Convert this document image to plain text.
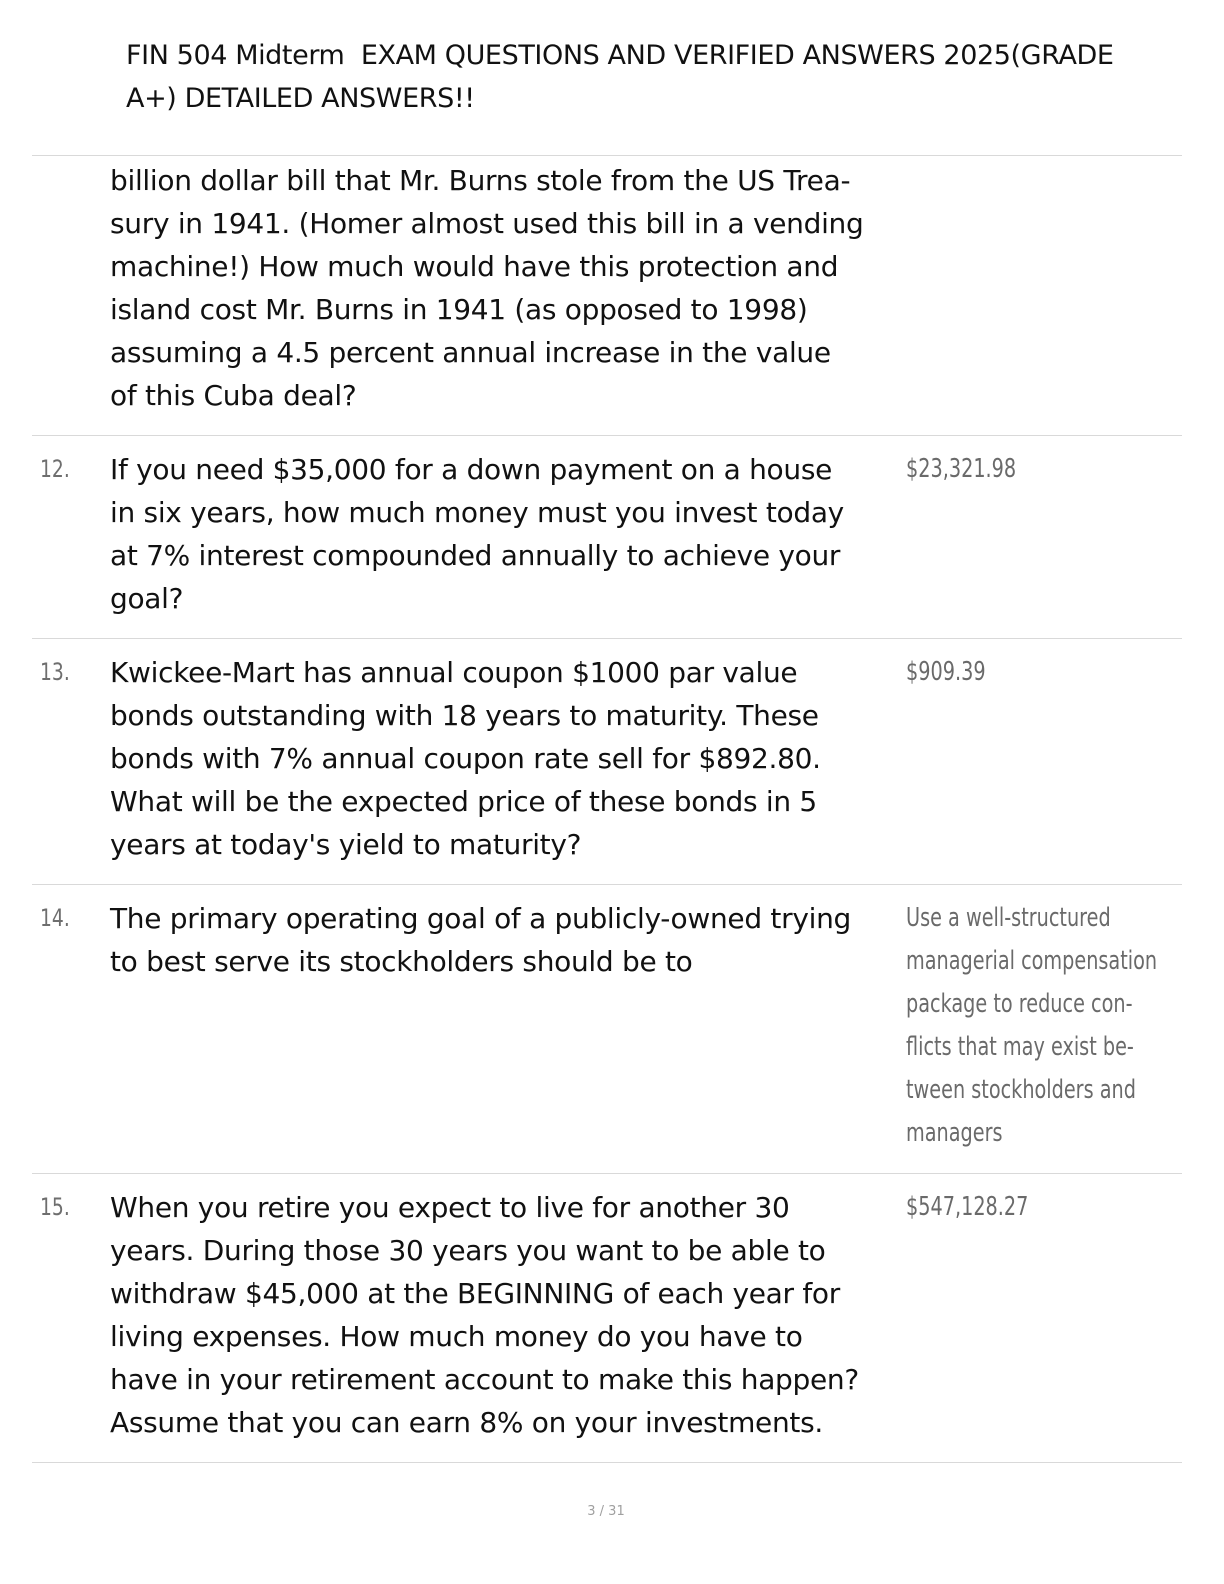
FIN 504 Midterm  EXAM QUESTIONS AND VERIFIED ANSWERS 2025(GRADE
A+) DETAILED ANSWERS!!
billion dollar bill that Mr. Burns stole from the US Trea-
sury in 1941. (Homer almost used this bill in a vending
machine!) How much would have this protection and
island cost Mr. Burns in 1941 (as opposed to 1998)
assuming a 4.5 percent annual increase in the value
of this Cuba deal?
12. If you need $35,000 for a down payment on a house
in six years, how much money must you invest today
at 7% interest compounded annually to achieve your
goal?
$23,321.98
13. Kwickee-Mart has annual coupon $1000 par value
bonds outstanding with 18 years to maturity. These
bonds with 7% annual coupon rate sell for $892.80.
What will be the expected price of these bonds in 5
years at today's yield to maturity?
$909.39
14. The primary operating goal of a publicly-owned trying
to best serve its stockholders should be to
Use a well-structured
managerial compensation
package to reduce con-
flicts that may exist be-
tween stockholders and
managers
15. When you retire you expect to live for another 30
years. During those 30 years you want to be able to
withdraw $45,000 at the BEGINNING of each year for
living expenses. How much money do you have to
have in your retirement account to make this happen?
Assume that you can earn 8% on your investments.
$547,128.27
3 / 31
